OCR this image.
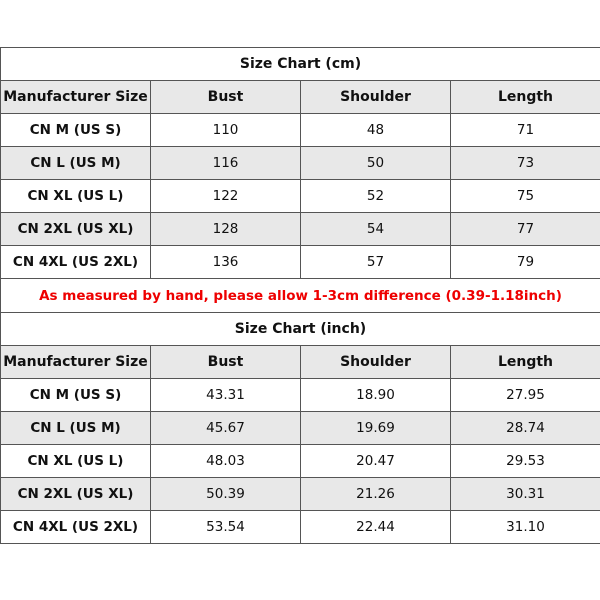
Size Chart (cm)			
Manufacturer Size	Bust	Shoulder	Length
CN M (US S)	110	48	71
CN L (US M)	116	50	73
CN XL (US L)	122	52	75
CN 2XL (US XL)	128	54	77
CN 4XL (US 2XL)	136	57	79
As measured by hand, please allow 1-3cm difference (0.39-1.18inch)			
Size Chart (inch)			
Manufacturer Size	Bust	Shoulder	Length
CN M (US S)	43.31	18.90	27.95
CN L (US M)	45.67	19.69	28.74
CN XL (US L)	48.03	20.47	29.53
CN 2XL (US XL)	50.39	21.26	30.31
CN 4XL (US 2XL)	53.54	22.44	31.10
